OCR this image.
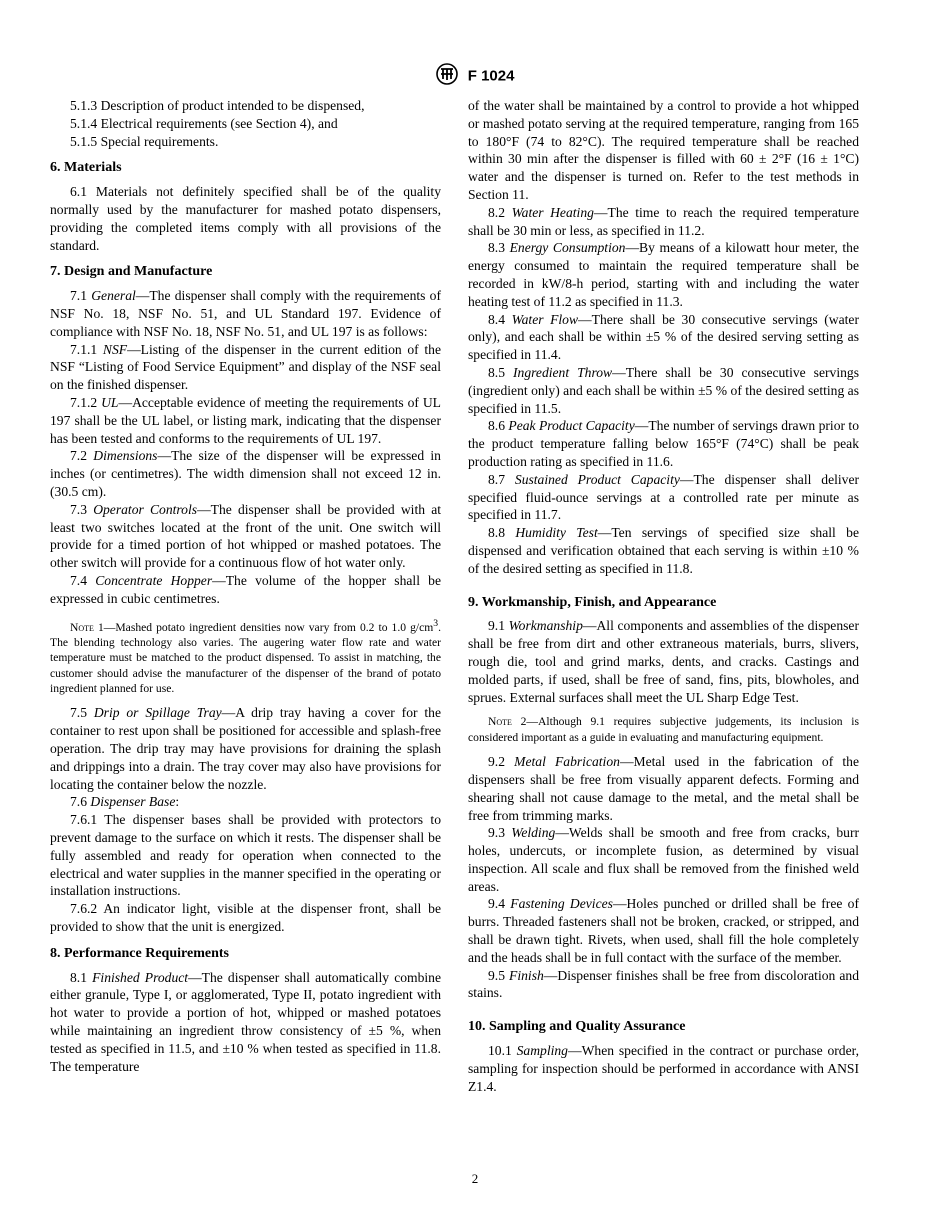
F 1024

5.1.3 Description of product intended to be dispensed,

5.1.4 Electrical requirements (see Section 4), and

5.1.5 Special requirements.

6. Materials

6.1 Materials not definitely specified shall be of the quality normally used by the manufacturer for mashed potato dispensers, providing the completed items comply with all provisions of the standard.

7. Design and Manufacture

7.1 General—The dispenser shall comply with the requirements of NSF No. 18, NSF No. 51, and UL Standard 197. Evidence of compliance with NSF No. 18, NSF No. 51, and UL 197 is as follows:

7.1.1 NSF—Listing of the dispenser in the current edition of the NSF “Listing of Food Service Equipment” and display of the NSF seal on the finished dispenser.

7.1.2 UL—Acceptable evidence of meeting the requirements of UL 197 shall be the UL label, or listing mark, indicating that the dispenser has been tested and conforms to the requirements of UL 197.

7.2 Dimensions—The size of the dispenser will be expressed in inches (or centimetres). The width dimension shall not exceed 12 in. (30.5 cm).

7.3 Operator Controls—The dispenser shall be provided with at least two switches located at the front of the unit. One switch will provide for a timed portion of hot whipped or mashed potatoes. The other switch will provide for a continuous flow of hot water only.

7.4 Concentrate Hopper—The volume of the hopper shall be expressed in cubic centimetres.

Note 1—Mashed potato ingredient densities now vary from 0.2 to 1.0 $g/cm^3$. The blending technology also varies. The augering water flow rate and water temperature must be matched to the product dispensed. To assist in matching, the customer should advise the manufacturer of the dispenser of the brand of potato ingredient planned for use.

7.5 Drip or Spillage Tray—A drip tray having a cover for the container to rest upon shall be positioned for accessible and splash-free operation. The drip tray may have provisions for draining the splash and drippings into a drain. The tray cover may also have provisions for locating the container below the nozzle.

7.6 Dispenser Base:

7.6.1 The dispenser bases shall be provided with protectors to prevent damage to the surface on which it rests. The dispenser shall be fully assembled and ready for operation when connected to the electrical and water supplies in the manner specified in the operating or installation instructions.

7.6.2 An indicator light, visible at the dispenser front, shall be provided to show that the unit is energized.

8. Performance Requirements

8.1 Finished Product—The dispenser shall automatically combine either granule, Type I, or agglomerated, Type II, potato ingredient with hot water to provide a portion of hot, whipped or mashed potatoes while maintaining an ingredient throw consistency of ±5 %, when tested as specified in 11.5, and ±10 % when tested as specified in 11.8. The temperature

of the water shall be maintained by a control to provide a hot whipped or mashed potato serving at the required temperature, ranging from 165 to 180°F (74 to 82°C). The required temperature shall be reached within 30 min after the dispenser is filled with 60 ± 2°F (16 ± 1°C) water and the dispenser is turned on. Refer to the test methods in Section 11.

8.2 Water Heating—The time to reach the required temperature shall be 30 min or less, as specified in 11.2.

8.3 Energy Consumption—By means of a kilowatt hour meter, the energy consumed to maintain the required temperature shall be recorded in kW/8-h period, starting with and including the water heating test of 11.2 as specified in 11.3.

8.4 Water Flow—There shall be 30 consecutive servings (water only), and each shall be within ±5 % of the desired serving setting as specified in 11.4.

8.5 Ingredient Throw—There shall be 30 consecutive servings (ingredient only) and each shall be within ±5 % of the desired setting as specified in 11.5.

8.6 Peak Product Capacity—The number of servings drawn prior to the product temperature falling below 165°F (74°C) shall be peak production rating as specified in 11.6.

8.7 Sustained Product Capacity—The dispenser shall deliver specified fluid-ounce servings at a controlled rate per minute as specified in 11.7.

8.8 Humidity Test—Ten servings of specified size shall be dispensed and verification obtained that each serving is within ±10 % of the desired setting as specified in 11.8.

9. Workmanship, Finish, and Appearance

9.1 Workmanship—All components and assemblies of the dispenser shall be free from dirt and other extraneous materials, burrs, slivers, rough die, tool and grind marks, dents, and cracks. Castings and molded parts, if used, shall be free of sand, fins, pits, blowholes, and sprues. External surfaces shall meet the UL Sharp Edge Test.

Note 2—Although 9.1 requires subjective judgements, its inclusion is considered important as a guide in evaluating and manufacturing equipment.

9.2 Metal Fabrication—Metal used in the fabrication of the dispensers shall be free from visually apparent defects. Forming and shearing shall not cause damage to the metal, and the metal shall be free from trimming marks.

9.3 Welding—Welds shall be smooth and free from cracks, burr holes, undercuts, or incomplete fusion, as determined by visual inspection. All scale and flux shall be removed from the finished weld areas.

9.4 Fastening Devices—Holes punched or drilled shall be free of burrs. Threaded fasteners shall not be broken, cracked, or stripped, and shall be drawn tight. Rivets, when used, shall fill the hole completely and the heads shall be in full contact with the surface of the member.

9.5 Finish—Dispenser finishes shall be free from discoloration and stains.

10. Sampling and Quality Assurance

10.1 Sampling—When specified in the contract or purchase order, sampling for inspection should be performed in accordance with ANSI Z1.4.

2
